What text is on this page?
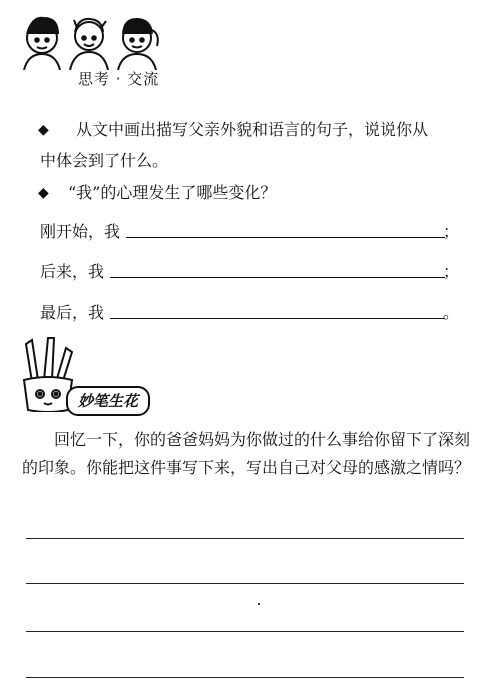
思考 · 交流
◆ 从文中画出描写父亲外貌和语言的句子，说说你从
中体会到了什么。
◆ “我”的心理发生了哪些变化？
刚开始，我	；
后来，我	；
最后，我	。
妙笔生花
回忆一下，你的爸爸妈妈为你做过的什么事给你留下了深刻的印象。你能把这件事写下来，写出自己对父母的感激之情吗？
